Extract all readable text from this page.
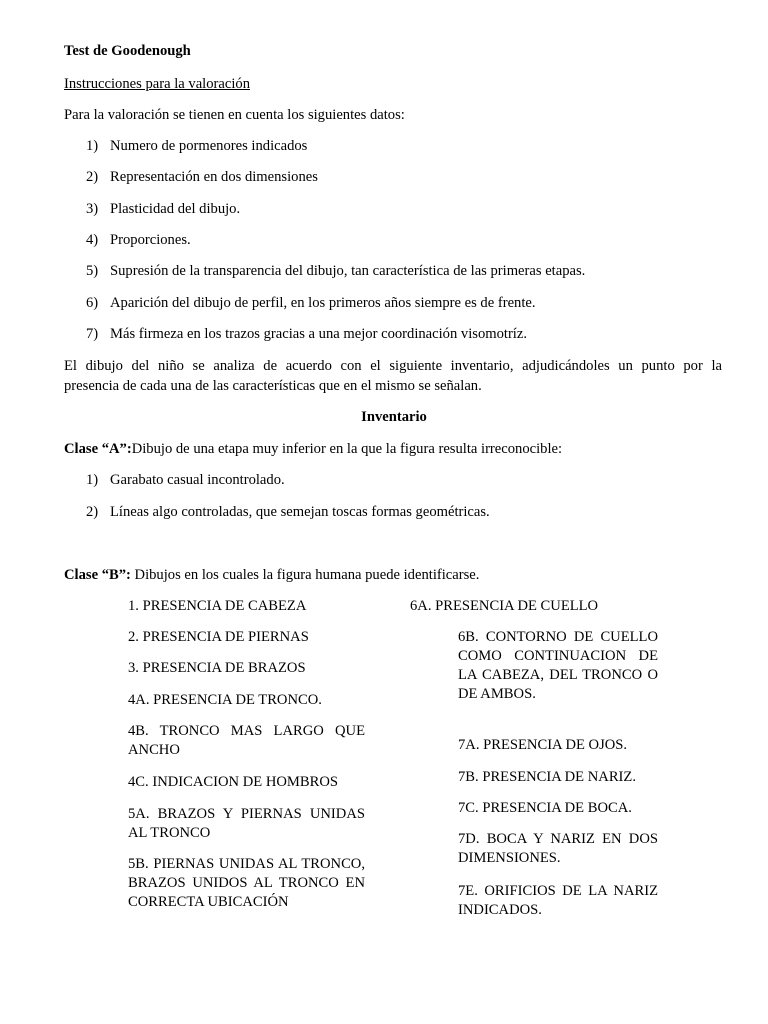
Test de Goodenough
Instrucciones para la valoración
Para la valoración se tienen en cuenta los siguientes datos:
1) Numero de pormenores indicados
2) Representación en dos dimensiones
3) Plasticidad del dibujo.
4) Proporciones.
5) Supresión de la transparencia del dibujo, tan característica de las primeras etapas.
6) Aparición del dibujo de perfil, en los primeros años siempre es de frente.
7) Más firmeza en los trazos gracias a una mejor coordinación visomotríz.
El dibujo del niño se analiza de acuerdo con el siguiente inventario, adjudicándoles un punto por la
presencia de cada una de las características que en el mismo se señalan.
Inventario
Clase “A”:Dibujo de una etapa muy inferior en la que la figura resulta irreconocible:
1) Garabato casual incontrolado.
2) Líneas algo controladas, que semejan toscas formas geométricas.
Clase “B”: Dibujos en los cuales la figura humana puede identificarse.
1. PRESENCIA DE CABEZA
2. PRESENCIA DE PIERNAS
3. PRESENCIA DE BRAZOS
4A. PRESENCIA DE TRONCO.
4B. TRONCO MAS LARGO QUE ANCHO
4C. INDICACION DE HOMBROS
5A. BRAZOS Y PIERNAS UNIDAS AL TRONCO
5B. PIERNAS UNIDAS AL TRONCO, BRAZOS UNIDOS AL TRONCO EN CORRECTA UBICACIÓN
6A. PRESENCIA DE CUELLO
6B. CONTORNO DE CUELLO COMO CONTINUACION DE LA CABEZA, DEL TRONCO O DE AMBOS.
7A. PRESENCIA DE OJOS.
7B. PRESENCIA DE NARIZ.
7C. PRESENCIA DE BOCA.
7D. BOCA Y NARIZ EN DOS DIMENSIONES.
7E. ORIFICIOS DE LA NARIZ INDICADOS.
